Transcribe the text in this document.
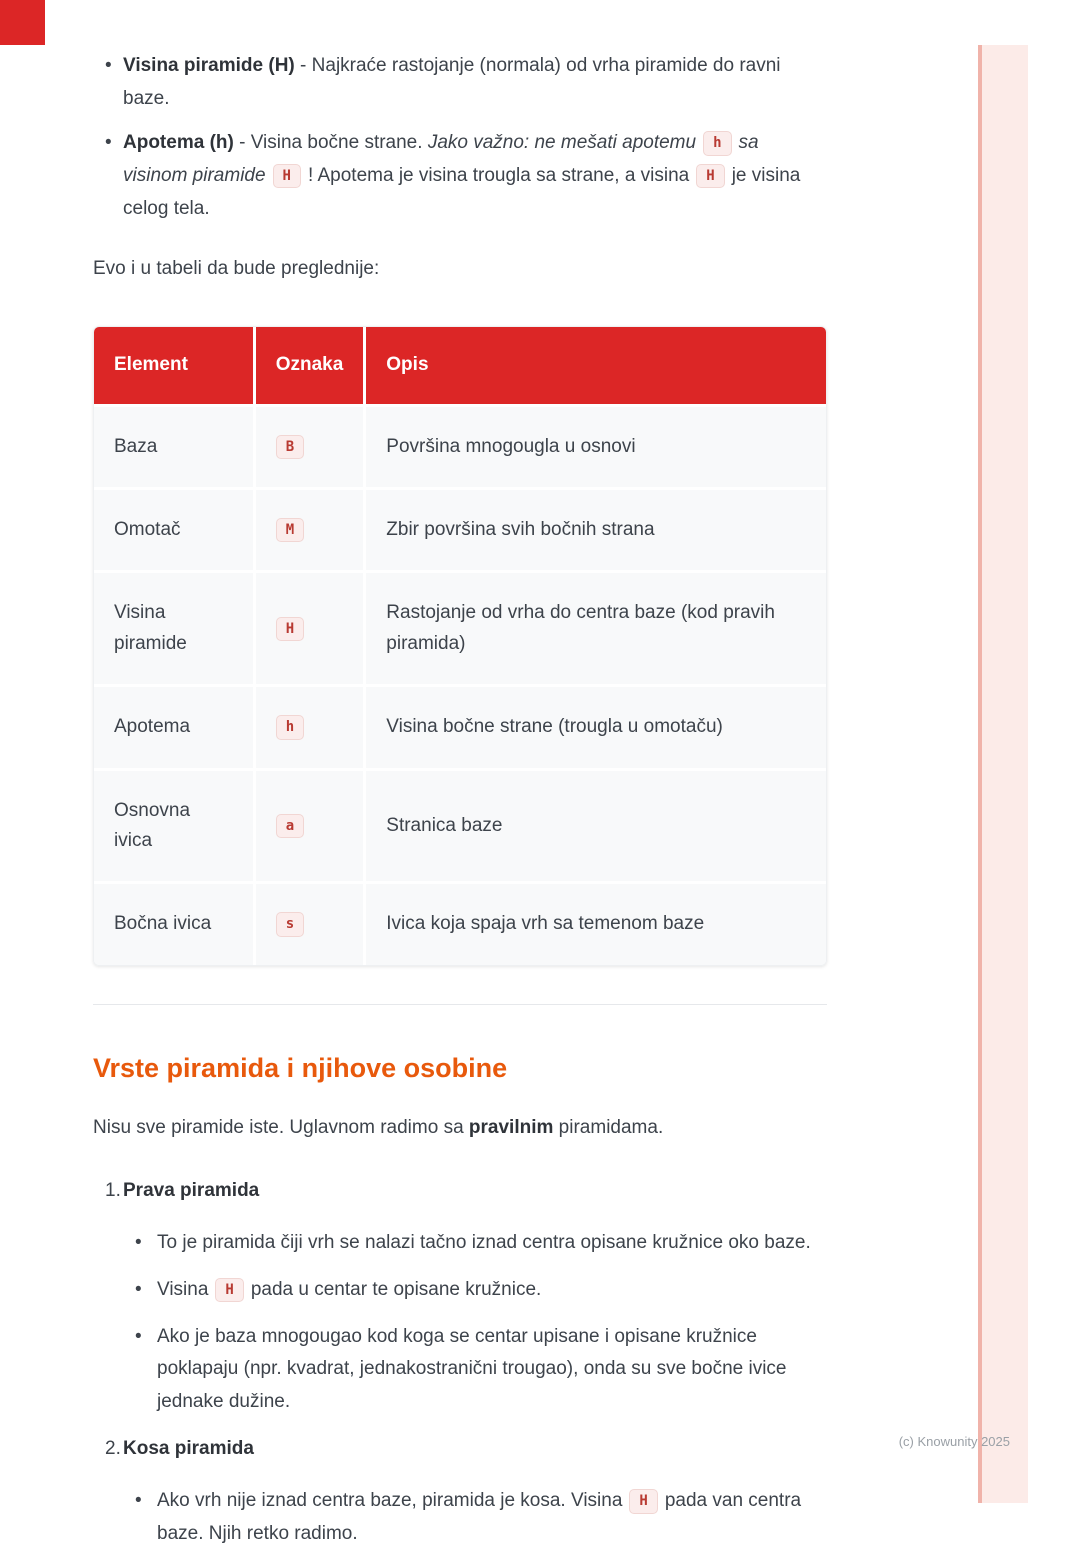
(c) Knowunity 2025
• Visina piramide (H) - Najkraće rastojanje (normala) od vrha piramide do ravni baze.
• Apotema (h) - Visina bočne strane. Jako važno: ne mešati apotemu h sa visinom piramide H ! Apotema je visina trougla sa strane, a visina H je visina celog tela.

Evo i u tabeli da bude preglednije:

Element	Oznaka	Opis
Baza	B	Površina mnogougla u osnovi
Omotač	M	Zbir površina svih bočnih strana
Visina piramide	H	Rastojanje od vrha do centra baze (kod pravih piramida)
Apotema	h	Visina bočne strane (trougla u omotaču)
Osnovna ivica	a	Stranica baze
Bočna ivica	s	Ivica koja spaja vrh sa temenom baze
Vrste piramida i njihove osobine

Nisu sve piramide iste. Uglavnom radimo sa pravilnim piramidama.

1.Prava piramida
• To je piramida čiji vrh se nalazi tačno iznad centra opisane kružnice oko baze.
• Visina H pada u centar te opisane kružnice.
• Ako je baza mnogougao kod koga se centar upisane i opisane kružnice poklapaju (npr. kvadrat, jednakostranični trougao), onda su sve bočne ivice jednake dužine.
2.Kosa piramida
• Ako vrh nije iznad centra baze, piramida je kosa. Visina H pada van centra baze. Njih retko radimo.
